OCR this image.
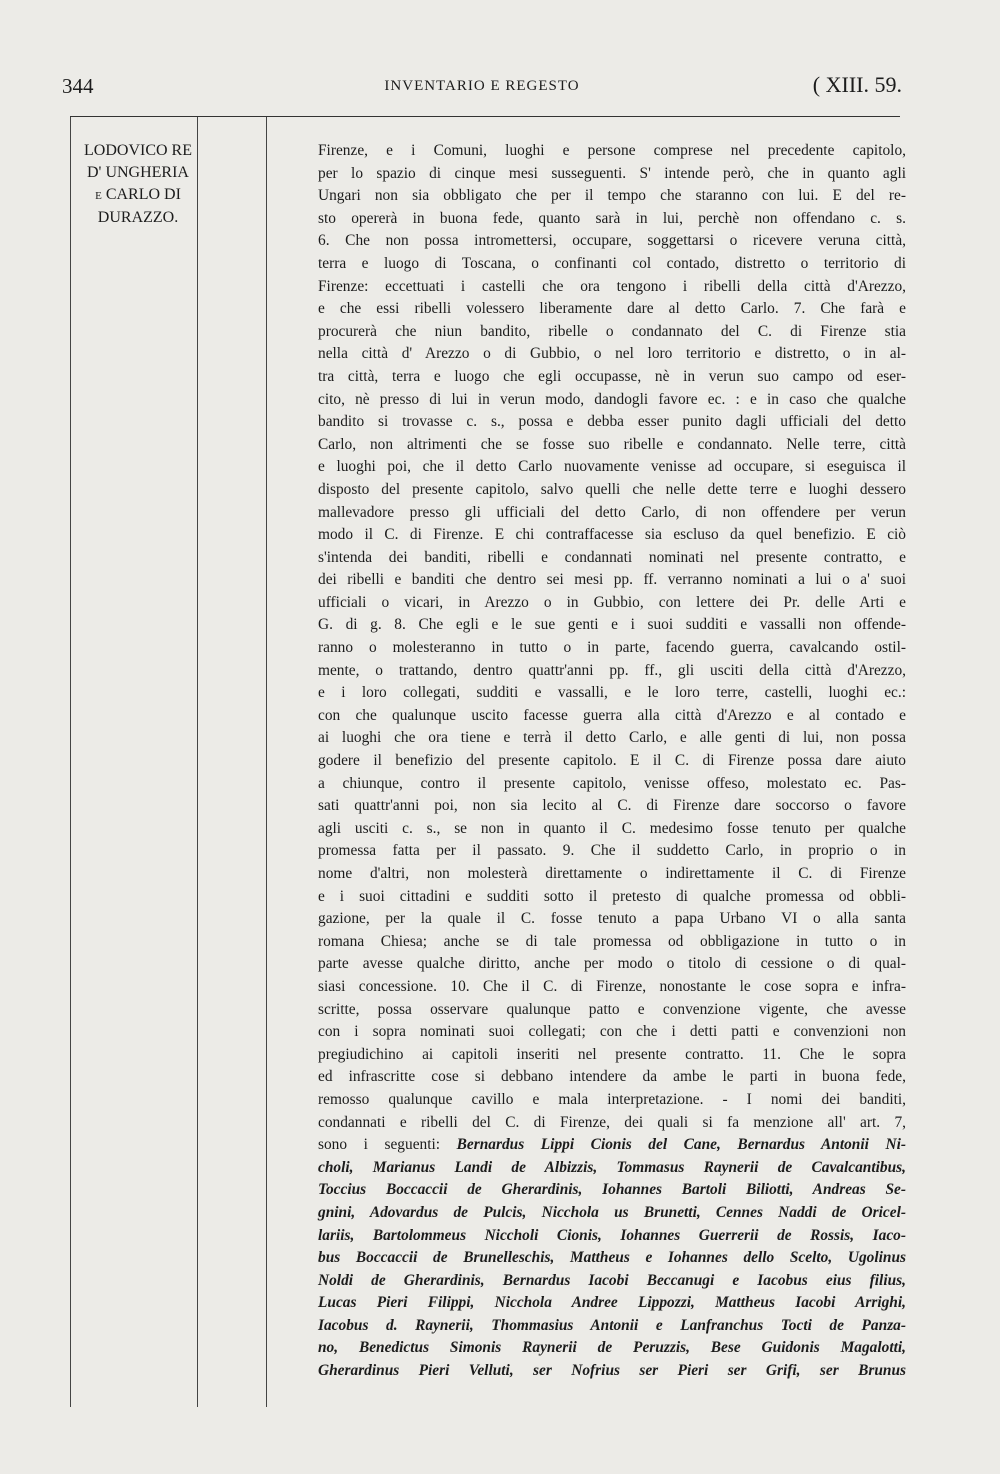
344	INVENTARIO E REGESTO	( XIII. 59.
LODOVICO RE
D' UNGHERIA
E CARLO DI
DURAZZO.
Firenze, e i Comuni, luoghi e persone comprese nel precedente capitolo,
per lo spazio di cinque mesi susseguenti. S' intende però, che in quanto agli
Ungari non sia obbligato che per il tempo che staranno con lui. E del re-
sto opererà in buona fede, quanto sarà in lui, perchè non offendano c. s.
6. Che non possa intromettersi, occupare, soggettarsi o ricevere veruna città,
terra e luogo di Toscana, o confinanti col contado, distretto o territorio di
Firenze: eccettuati i castelli che ora tengono i ribelli della città d'Arezzo,
e che essi ribelli volessero liberamente dare al detto Carlo. 7. Che farà e
procurerà che niun bandito, ribelle o condannato del C. di Firenze stia
nella città d' Arezzo o di Gubbio, o nel loro territorio e distretto, o in al-
tra città, terra e luogo che egli occupasse, nè in verun suo campo od eser-
cito, nè presso di lui in verun modo, dandogli favore ec. : e in caso che qualche
bandito si trovasse c. s., possa e debba esser punito dagli ufficiali del detto
Carlo, non altrimenti che se fosse suo ribelle e condannato. Nelle terre, città
e luoghi poi, che il detto Carlo nuovamente venisse ad occupare, si eseguisca il
disposto del presente capitolo, salvo quelli che nelle dette terre e luoghi dessero
mallevadore presso gli ufficiali del detto Carlo, di non offendere per verun
modo il C. di Firenze. E chi contraffacesse sia escluso da quel benefizio. E ciò
s'intenda dei banditi, ribelli e condannati nominati nel presente contratto, e
dei ribelli e banditi che dentro sei mesi pp. ff. verranno nominati a lui o a' suoi
ufficiali o vicari, in Arezzo o in Gubbio, con lettere dei Pr. delle Arti e
G. di g. 8. Che egli e le sue genti e i suoi sudditi e vassalli non offende-
ranno o molesteranno in tutto o in parte, facendo guerra, cavalcando ostil-
mente, o trattando, dentro quattr'anni pp. ff., gli usciti della città d'Arezzo,
e i loro collegati, sudditi e vassalli, e le loro terre, castelli, luoghi ec.:
con che qualunque uscito facesse guerra alla città d'Arezzo e al contado e
ai luoghi che ora tiene e terrà il detto Carlo, e alle genti di lui, non possa
godere il benefizio del presente capitolo. E il C. di Firenze possa dare aiuto
a chiunque, contro il presente capitolo, venisse offeso, molestato ec. Pas-
sati quattr'anni poi, non sia lecito al C. di Firenze dare soccorso o favore
agli usciti c. s., se non in quanto il C. medesimo fosse tenuto per qualche
promessa fatta per il passato. 9. Che il suddetto Carlo, in proprio o in
nome d'altri, non molesterà direttamente o indirettamente il C. di Firenze
e i suoi cittadini e sudditi sotto il pretesto di qualche promessa od obbli-
gazione, per la quale il C. fosse tenuto a papa Urbano VI o alla santa
romana Chiesa; anche se di tale promessa od obbligazione in tutto o in
parte avesse qualche diritto, anche per modo o titolo di cessione o di qual-
siasi concessione. 10. Che il C. di Firenze, nonostante le cose sopra e infra-
scritte, possa osservare qualunque patto e convenzione vigente, che avesse
con i sopra nominati suoi collegati; con che i detti patti e convenzioni non
pregiudichino ai capitoli inseriti nel presente contratto. 11. Che le sopra
ed infrascritte cose si debbano intendere da ambe le parti in buona fede,
remosso qualunque cavillo e mala interpretazione. - I nomi dei banditi,
condannati e ribelli del C. di Firenze, dei quali si fa menzione all' art. 7,
sono i seguenti: Bernardus Lippi Cionis del Cane, Bernardus Antonii Ni-
choli, Marianus Landi de Albizzis, Tommasus Raynerii de Cavalcantibus,
Toccius Boccaccii de Gherardinis, Iohannes Bartoli Biliotti, Andreas Se-
gnini, Adovardus de Pulcis, Nicchola us Brunetti, Cennes Naddi de Oricel-
lariis, Bartolommeus Niccholi Cionis, Iohannes Guerrerii de Rossis, Iaco-
bus Boccaccii de Brunelleschis, Mattheus e Iohannes dello Scelto, Ugolinus
Noldi de Gherardinis, Bernardus Iacobi Beccanugi e Iacobus eius filius,
Lucas Pieri Filippi, Nicchola Andree Lippozzi, Mattheus Iacobi Arrighi,
Iacobus d. Raynerii, Thommasius Antonii e Lanfranchus Tocti de Panza-
no, Benedictus Simonis Raynerii de Peruzzis, Bese Guidonis Magalotti,
Gherardinus Pieri Velluti, ser Nofrius ser Pieri ser Grifi, ser Brunus
